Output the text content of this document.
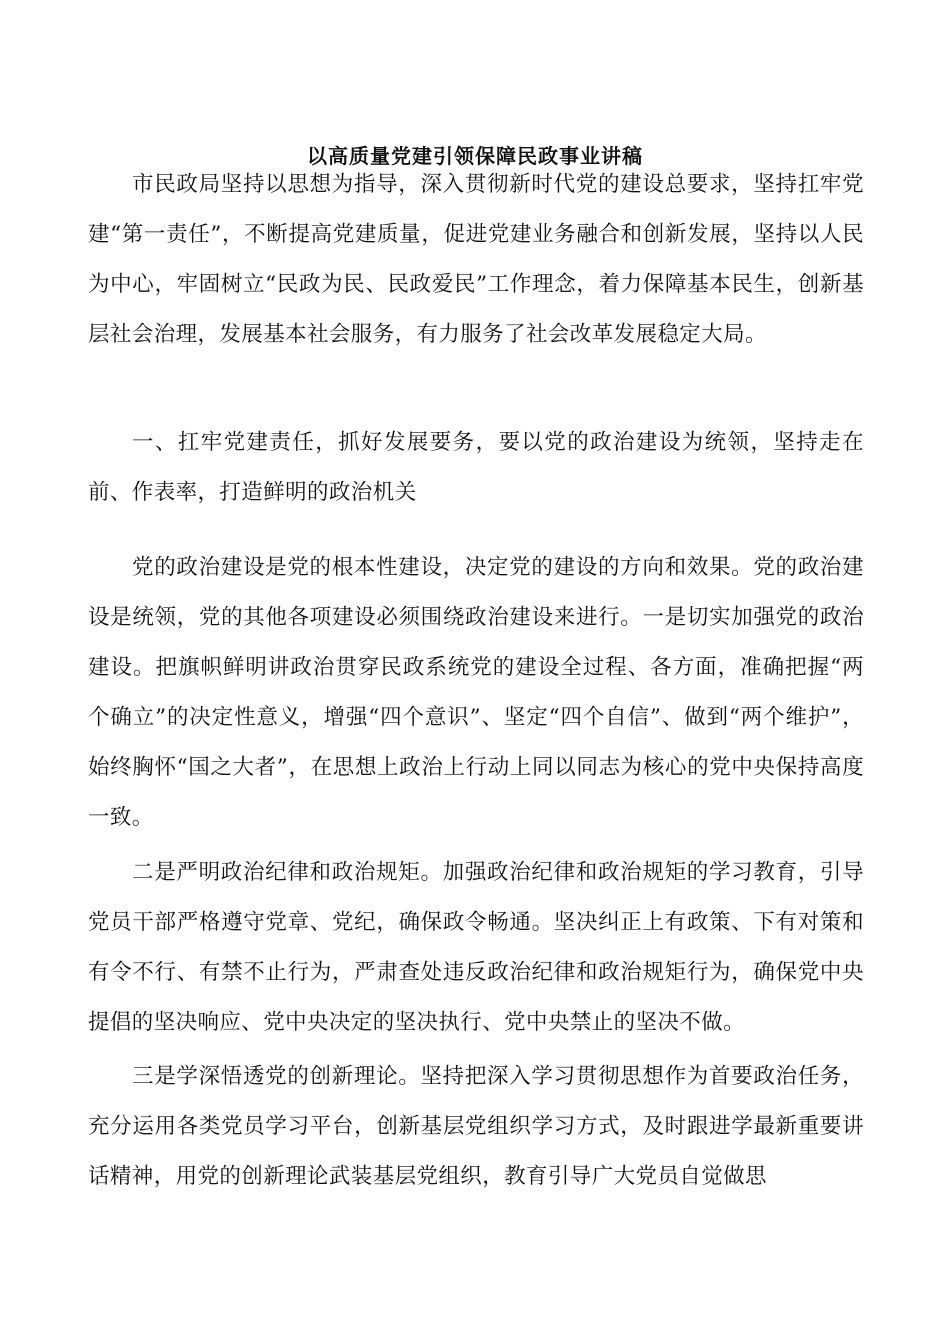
以高质量党建引领保障民政事业讲稿

市民政局坚持以思想为指导，深入贯彻新时代党的建设总要求，坚持扛牢党建“第一责任”，不断提高党建质量，促进党建业务融合和创新发展，坚持以人民为中心，牢固树立“民政为民、民政爱民”工作理念，着力保障基本民生，创新基层社会治理，发展基本社会服务，有力服务了社会改革发展稳定大局。

一、扛牢党建责任，抓好发展要务，要以党的政治建设为统领，坚持走在前、作表率，打造鲜明的政治机关

党的政治建设是党的根本性建设，决定党的建设的方向和效果。党的政治建设是统领，党的其他各项建设必须围绕政治建设来进行。一是切实加强党的政治建设。把旗帜鲜明讲政治贯穿民政系统党的建设全过程、各方面，准确把握“两个确立”的决定性意义，增强“四个意识”、坚定“四个自信”、做到“两个维护”，始终胸怀“国之大者”，在思想上政治上行动上同以同志为核心的党中央保持高度一致。

二是严明政治纪律和政治规矩。加强政治纪律和政治规矩的学习教育，引导党员干部严格遵守党章、党纪，确保政令畅通。坚决纠正上有政策、下有对策和有令不行、有禁不止行为，严肃查处违反政治纪律和政治规矩行为，确保党中央提倡的坚决响应、党中央决定的坚决执行、党中央禁止的坚决不做。

三是学深悟透党的创新理论。坚持把深入学习贯彻思想作为首要政治任务，充分运用各类党员学习平台，创新基层党组织学习方式，及时跟进学最新重要讲话精神，用党的创新理论武装基层党组织，教育引导广大党员自觉做思
